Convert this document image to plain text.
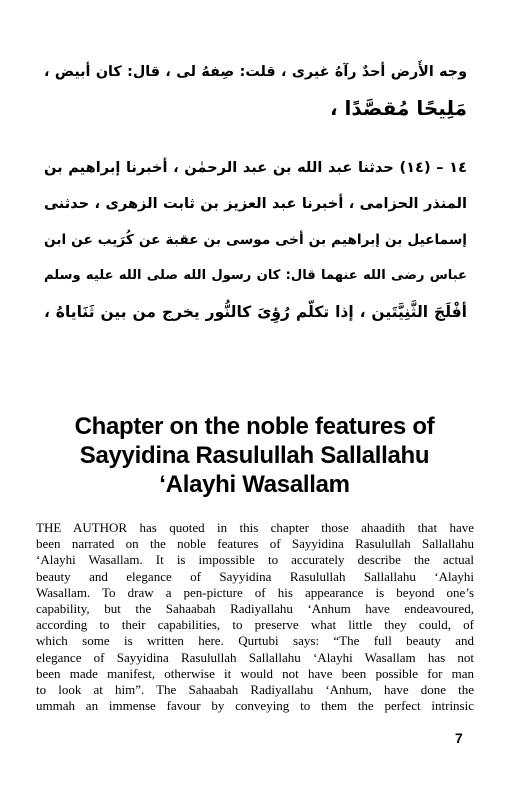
وجه الأَرض أحدٌ رآهُ غيرى ، قلت: صِفهُ لى ، قال: كان أبيض ،
مَلِيحًا مُقصَّدًا ،
١٤ – (١٤) حدثنا عبد الله بن عبد الرحمٰن ، أخبرنا إبراهيم بن
المنذر الحزامى ، أخبرنا عبد العزيز بن ثابت الزهرى ، حدثنى
إسماعيل بن إبراهيم بن أخى موسى بن عقبة عن كُرَيب عن ابن
عباس رضى الله عنهما قال: كان رسول الله صلى الله عليه وسلم
أفْلَجَ الثَّنِيَّتَين ، إذا تكلّم رُؤِىَ كالنُّور يخرج من بين ثَنَاياهُ ،
Chapter on the noble features of
Sayyidina Rasulullah Sallallahu
‘Alayhi Wasallam
THE AUTHOR has quoted in this chapter those ahaadith that have
been narrated on the noble features of Sayyidina Rasulullah Sallallahu
‘Alayhi Wasallam. It is impossible to accurately describe the actual
beauty and elegance of Sayyidina Rasulullah Sallallahu ‘Alayhi
Wasallam. To draw a pen-picture of his appearance is beyond one’s
capability, but the Sahaabah Radiyallahu ‘Anhum have endeavoured,
according to their capabilities, to preserve what little they could, of
which some is written here. Qurtubi says: “The full beauty and
elegance of Sayyidina Rasulullah Sallallahu ‘Alayhi Wasallam has not
been made manifest, otherwise it would not have been possible for man
to look at him”. The Sahaabah Radiyallahu ‘Anhum, have done the
ummah an immense favour by conveying to them the perfect intrinsic
7
